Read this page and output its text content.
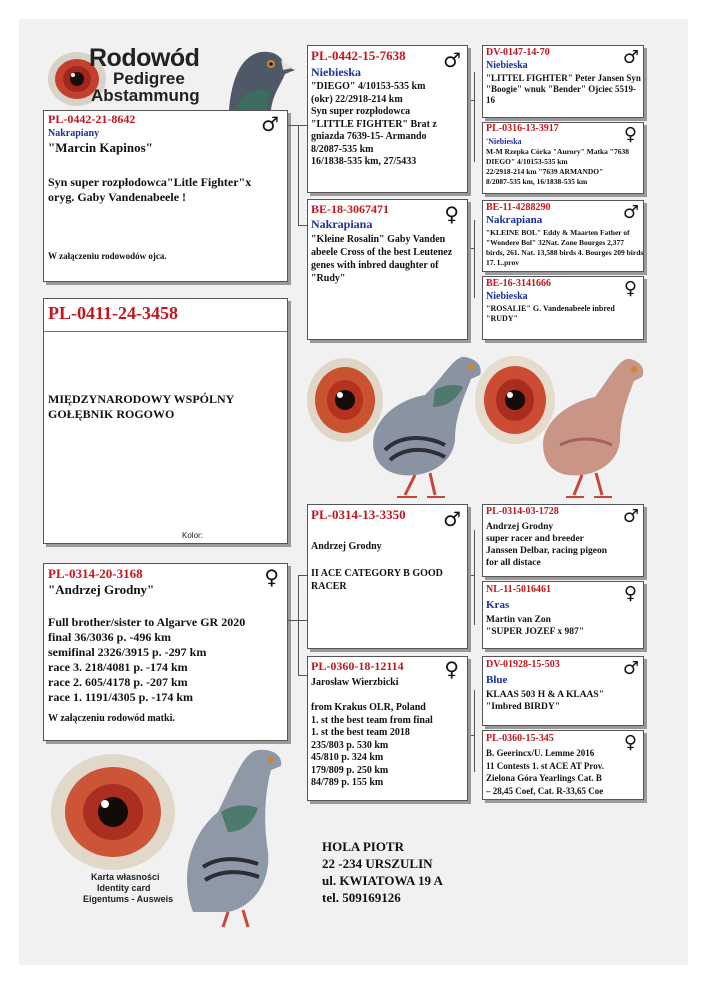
Rodowód
Pedigree
Abstammung
PL-0442-21-8642	♂
Nakrapiany
"Marcin Kapinos"
Syn super rozpłodowca"Litle Fighter"x oryg. Gaby Vandenabeele !
W załączeniu rodowodów ojca.
PL-0411-24-3458
MIĘDZYNARODOWY WSPÓLNY GOŁĘBNIK ROGOWO
Kolor:
PL-0314-20-3168	♀
"Andrzej Grodny"
Full brother/sister to Algarve GR 2020
final 36/3036 p. -496 km
semifinal 2326/3915 p. -297 km
race 3. 218/4081 p. -174 km
race 2. 605/4178 p. -207 km
race 1. 1191/4305 p. -174 km
W załączeniu rodowód matki.
PL-0442-15-7638 ♂
Niebieska
"DIEGO" 4/10153-535 km
(okr) 22/2918-214 km
Syn super rozpłodowca
"LITTLE FIGHTER" Brat z gniazda 7639-15- Armando
8/2087-535 km
16/1838-535 km, 27/5433
BE-18-3067471	♀
Nakrapiana
"Kleine Rosalin" Gaby Vanden abeele Cross of the best Leutenez genes with inbred daughter of "Rudy"
PL-0314-13-3350 ♂
Andrzej Grodny
II ACE CATEGORY B GOOD RACER
PL-0360-18-12114 ♀
Jarosław Wierzbicki

from Krakus OLR, Poland
1. st the best team from final
1. st the best team 2018
235/803 p. 530 km
45/810 p. 324 km
179/809 p. 250 km
84/789 p. 155 km
DV-0147-14-70	♂
Niebieska
"LITTEL FIGHTER" Peter Jansen Syn "Boogie" wnuk "Bender" Ojciec 5519-16
PL-0316-13-3917	♀
'Niebieska
M-M Rzepka Córka "Aurory" Matka "7638 DIEGO" 4/10153-535 km
22/2918-214 km "7639 ARMANDO"
8/2087-535 km, 16/1838-535 km
BE-11-4288290	♂
Nakrapiana
"KLEINE BOL" Eddy & Maarten Father of "Wondere Bol" 32Nat. Zone Bourges 2,377 birds, 261. Nat. 13,588 birds 4. Bourges 209 birds 17. L.prov
BE-16-3141666	♀
Niebieska
"ROSALIE" G. Vandenabeele inbred "RUDY"
PL-0314-03-1728	♂
Andrzej Grodny
super racer and breeder
Janssen Delbar, racing pigeon
for all distace
NL-11-5016461	♀
Kras
Martin van Zon
"SUPER JOZEF x 987"
DV-01928-15-503	♂
Blue
KLAAS 503 H & A KLAAS"
"Imbred BIRDY"
PL-0360-15-345	♀
B. Geerincx/U. Lemme 2016
11 Contests 1. st ACE AT Prov.
Zielona Góra Yearlings Cat. B
– 28,45 Coef, Cat. R-33,65 Coe
Karta własności
Identity card
Eigentums - Ausweis
HOLA PIOTR
22 -234 URSZULIN
ul. KWIATOWA 19 A
tel. 509169126
